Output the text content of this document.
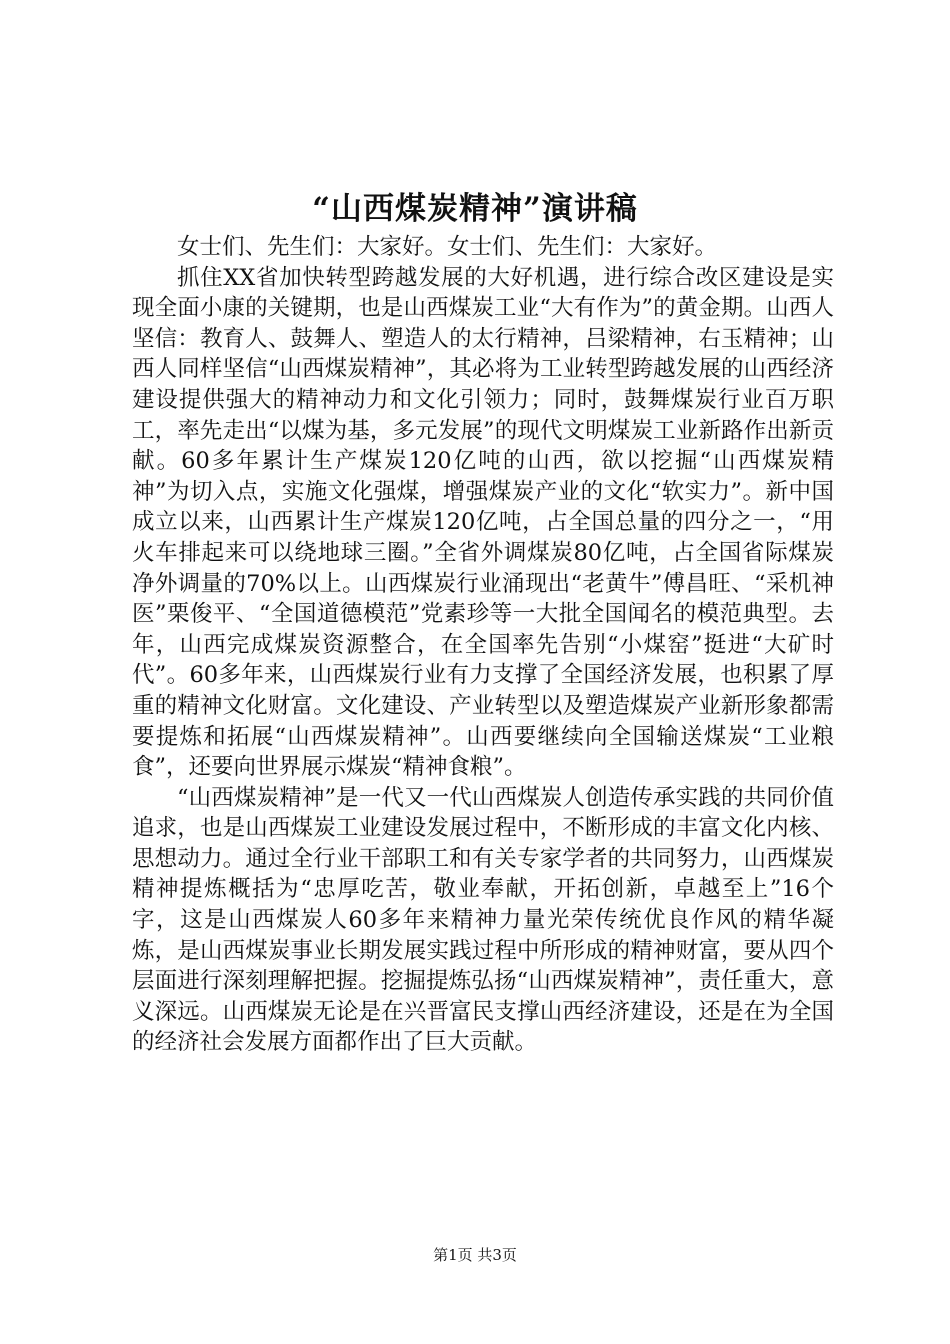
“山西煤炭精神”演讲稿

女士们、先生们：大家好。女士们、先生们：大家好。

抓住XX省加快转型跨越发展的大好机遇，进行综合改区建设是实现全面小康的关键期，也是山西煤炭工业“大有作为”的黄金期。山西人坚信：教育人、鼓舞人、塑造人的太行精神，吕梁精神，右玉精神；山西人同样坚信“山西煤炭精神”，其必将为工业转型跨越发展的山西经济建设提供强大的精神动力和文化引领力；同时，鼓舞煤炭行业百万职工，率先走出“以煤为基，多元发展”的现代文明煤炭工业新路作出新贡献。60多年累计生产煤炭120亿吨的山西，欲以挖掘“山西煤炭精神”为切入点，实施文化强煤，增强煤炭产业的文化“软实力”。新中国成立以来，山西累计生产煤炭120亿吨，占全国总量的四分之一，“用火车排起来可以绕地球三圈。”全省外调煤炭80亿吨，占全国省际煤炭净外调量的70%以上。山西煤炭行业涌现出“老黄牛”傅昌旺、“采机神医”栗俊平、“全国道德模范”党素珍等一大批全国闻名的模范典型。去年，山西完成煤炭资源整合，在全国率先告别“小煤窑”挺进“大矿时代”。60多年来，山西煤炭行业有力支撑了全国经济发展，也积累了厚重的精神文化财富。文化建设、产业转型以及塑造煤炭产业新形象都需要提炼和拓展“山西煤炭精神”。山西要继续向全国输送煤炭“工业粮食”，还要向世界展示煤炭“精神食粮”。

“山西煤炭精神”是一代又一代山西煤炭人创造传承实践的共同价值追求，也是山西煤炭工业建设发展过程中，不断形成的丰富文化内核、思想动力。通过全行业干部职工和有关专家学者的共同努力，山西煤炭精神提炼概括为“忠厚吃苦，敬业奉献，开拓创新，卓越至上”16个字，这是山西煤炭人60多年来精神力量光荣传统优良作风的精华凝炼，是山西煤炭事业长期发展实践过程中所形成的精神财富，要从四个层面进行深刻理解把握。挖掘提炼弘扬“山西煤炭精神”，责任重大，意义深远。山西煤炭无论是在兴晋富民支撑山西经济建设，还是在为全国的经济社会发展方面都作出了巨大贡献。

第1页 共3页
